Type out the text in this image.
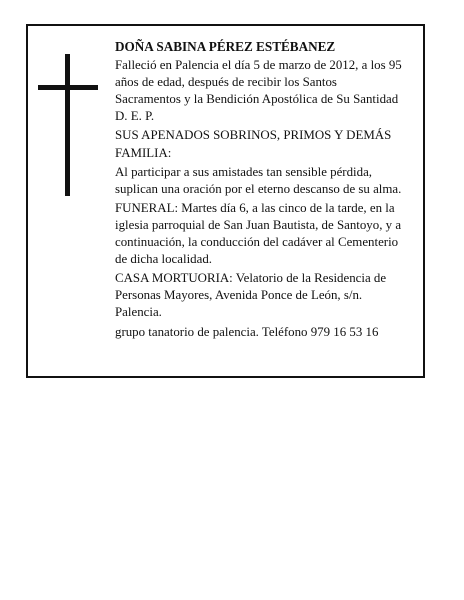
DOÑA SABINA PÉREZ ESTÉBANEZ

Falleció en Palencia el día 5 de marzo de 2012, a los 95
años de edad, después de recibir los Santos
Sacramentos y la Bendición Apostólica de Su Santidad
D. E. P.

SUS APENADOS SOBRINOS, PRIMOS Y DEMÁS
FAMILIA:

Al participar a sus amistades tan sensible pérdida,
suplican una oración por el eterno descanso de su alma.

FUNERAL: Martes día 6, a las cinco de la tarde, en la
iglesia parroquial de San Juan Bautista, de Santoyo, y a
continuación, la conducción del cadáver al Cementerio
de dicha localidad.

CASA MORTUORIA: Velatorio de la Residencia de
Personas Mayores, Avenida Ponce de León, s/n.
Palencia.

grupo tanatorio de palencia. Teléfono 979 16 53 16
